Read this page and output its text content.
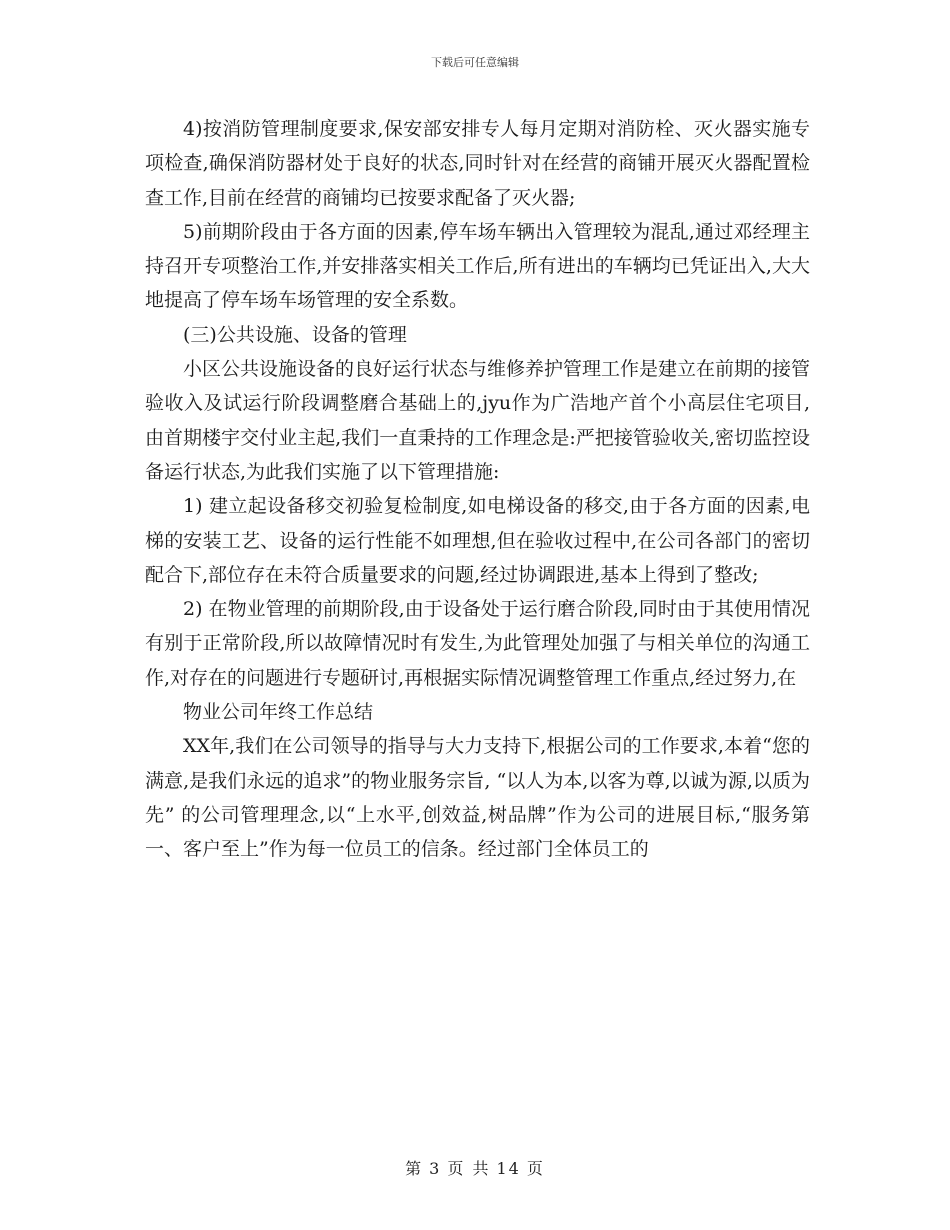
下载后可任意编辑

4)按消防管理制度要求,保安部安排专人每月定期对消防栓、灭火器实施专项检查,确保消防器材处于良好的状态,同时针对在经营的商铺开展灭火器配置检查工作,目前在经营的商铺均已按要求配备了灭火器;

5)前期阶段由于各方面的因素,停车场车辆出入管理较为混乱,通过邓经理主持召开专项整治工作,并安排落实相关工作后,所有进出的车辆均已凭证出入,大大地提高了停车场车场管理的安全系数。

(三)公共设施、设备的管理

小区公共设施设备的良好运行状态与维修养护管理工作是建立在前期的接管验收入及试运行阶段调整磨合基础上的,jyu作为广浩地产首个小高层住宅项目,由首期楼宇交付业主起,我们一直秉持的工作理念是:严把接管验收关,密切监控设备运行状态,为此我们实施了以下管理措施:

1) 建立起设备移交初验复检制度,如电梯设备的移交,由于各方面的因素,电梯的安装工艺、设备的运行性能不如理想,但在验收过程中,在公司各部门的密切配合下,部位存在未符合质量要求的问题,经过协调跟进,基本上得到了整改;

2) 在物业管理的前期阶段,由于设备处于运行磨合阶段,同时由于其使用情况有别于正常阶段,所以故障情况时有发生,为此管理处加强了与相关单位的沟通工作,对存在的问题进行专题研讨,再根据实际情况调整管理工作重点,经过努力,在

物业公司年终工作总结

XX年,我们在公司领导的指导与大力支持下,根据公司的工作要求,本着“您的满意,是我们永远的追求”的物业服务宗旨, “以人为本,以客为尊,以诚为源,以质为先” 的公司管理理念,以“上水平,创效益,树品牌”作为公司的进展目标,“服务第一、客户至上”作为每一位员工的信条。经过部门全体员工的

第 3 页 共 14 页
